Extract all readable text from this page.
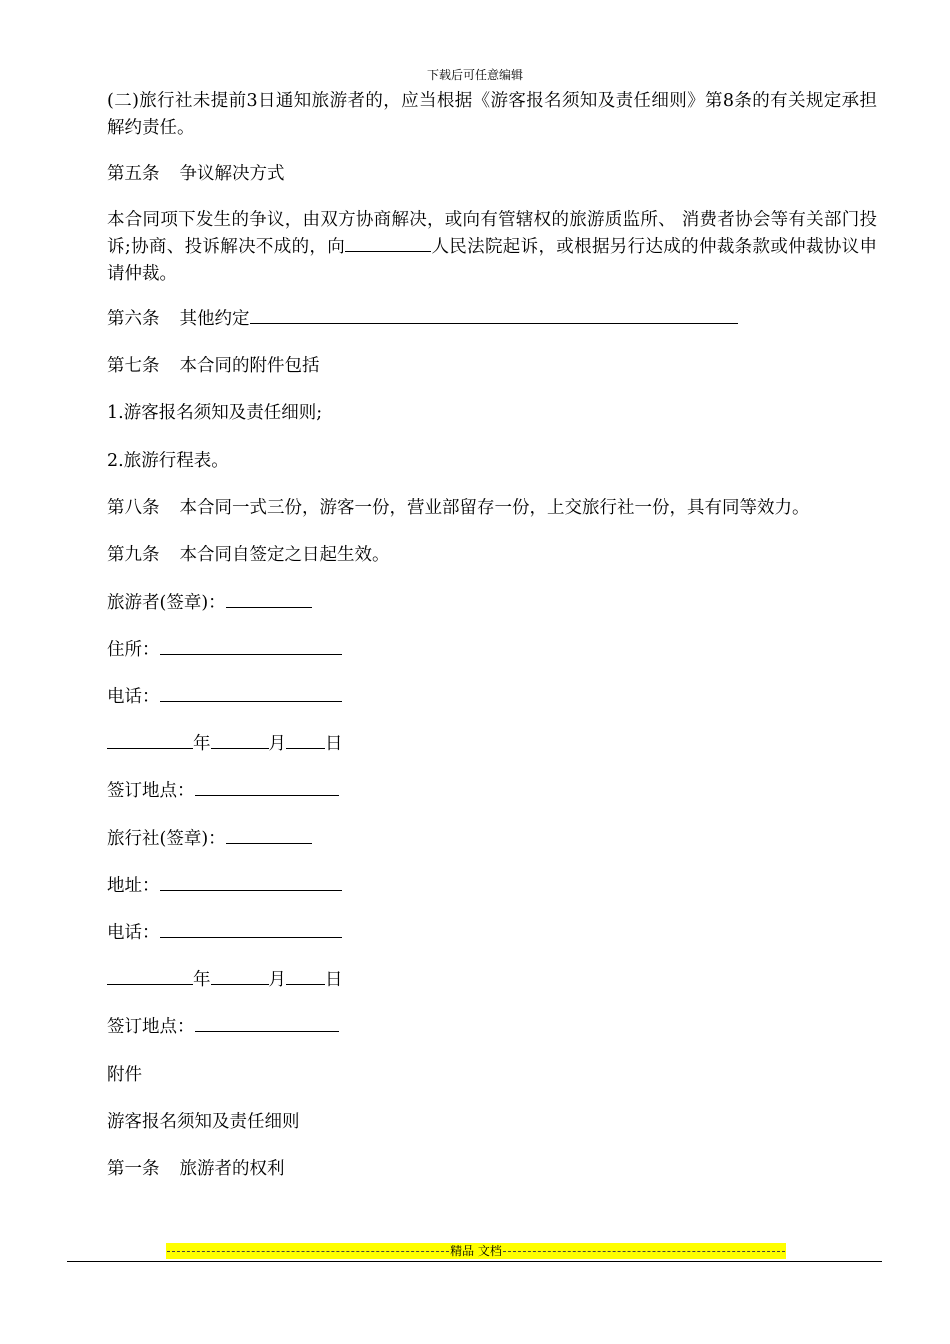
下载后可任意编辑
(二)旅行社未提前3日通知旅游者的，应当根据《游客报名须知及责任细则》第8条的有关规定承担解约责任。
第五条 争议解决方式
本合同项下发生的争议，由双方协商解决，或向有管辖权的旅游质监所、 消费者协会等有关部门投诉;协商、投诉解决不成的，向	人民法院起诉，或根据另行达成的仲裁条款或仲裁协议申请仲裁。
第六条 其他约定
第七条 本合同的附件包括
1.游客报名须知及责任细则;
2.旅游行程表。
第八条 本合同一式三份，游客一份，营业部留存一份，上交旅行社一份，具有同等效力。
第九条 本合同自签定之日起生效。
旅游者(签章)：
住所：
电话：
年	月 日
签订地点：
旅行社(签章)：
地址：
电话：
年	月 日
签订地点：
附件
游客报名须知及责任细则
第一条 旅游者的权利
精品 文档
